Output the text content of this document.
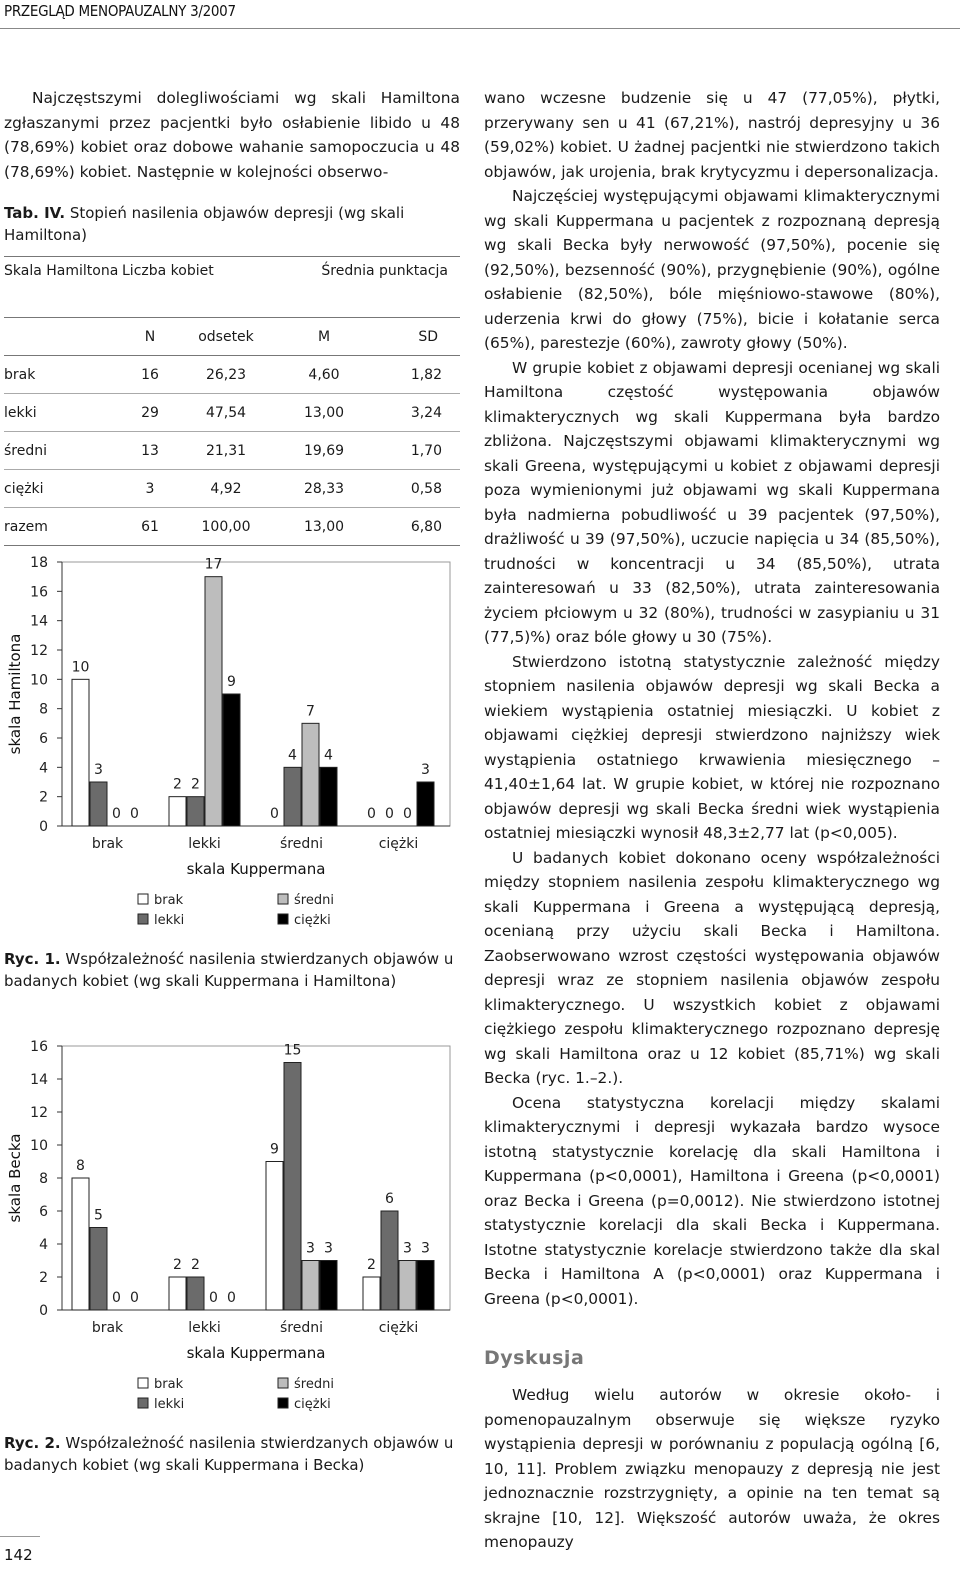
PRZEGLĄD MENOPAUZALNY 3/2007

Najczęstszymi dolegliwościami wg skali Hamiltona zgłaszanymi przez pacjentki było osłabienie libido u 48 (78,69%) kobiet oraz dobowe wahanie samopoczucia u 48 (78,69%) kobiet. Następnie w kolejności obserwo-

Tab. IV. Stopień nasilenia objawów depresji (wg skali Hamiltona)

Skala Hamiltona	Liczba kobiet		Średnia punktacja	
	N	odsetek	M	SD
brak	16	26,23	4,60	1,82
lekki	29	47,54	13,00	3,24
średni	13	21,31	19,69	1,70
ciężki	3	4,92	28,33	0,58
razem	61	100,00	13,00	6,80
0
2
4
6
8
10
12
14
16
18
skala Hamiltona	10
3
0 0
brak
2 2
17
9
lekki
0
4
7
4
średni
0 0 0
3
ciężki
skala Kuppermana
brak
lekki
średni
ciężki

Ryc. 1. Współzależność nasilenia stwierdzanych objawów u badanych kobiet (wg skali Kuppermana i Hamiltona)

0
2
4
6
8
10
12
14
16
skala Becka	8
5
0 0
brak
2 2
0 0
lekki
9
15
3 3
średni
2
6
3 3
ciężki
skala Kuppermana
brak
lekki
średni
ciężki

Ryc. 2. Współzależność nasilenia stwierdzanych objawów u badanych kobiet (wg skali Kuppermana i Becka)

wano wczesne budzenie się u 47 (77,05%), płytki, przerywany sen u 41 (67,21%), nastrój depresyjny u 36 (59,02%) kobiet. U żadnej pacjentki nie stwierdzono takich objawów, jak urojenia, brak krytycyzmu i depersonalizacja.

Najczęściej występującymi objawami klimakterycznymi wg skali Kuppermana u pacjentek z rozpoznaną depresją wg skali Becka były nerwowość (97,50%), pocenie się (92,50%), bezsenność (90%), przygnębienie (90%), ogólne osłabienie (82,50%), bóle mięśniowo-stawowe (80%), uderzenia krwi do głowy (75%), bicie i kołatanie serca (65%), parestezje (60%), zawroty głowy (50%).

W grupie kobiet z objawami depresji ocenianej wg skali Hamiltona częstość występowania objawów klimakterycznych wg skali Kuppermana była bardzo zbliżona. Najczęstszymi objawami klimakterycznymi wg skali Greena, występującymi u kobiet z objawami depresji poza wymienionymi już objawami wg skali Kuppermana była nadmierna pobudliwość u 39 pacjentek (97,50%), drażliwość u 39 (97,50%), uczucie napięcia u 34 (85,50%), trudności w koncentracji u 34 (85,50%), utrata zainteresowań u 33 (82,50%), utrata zainteresowania życiem płciowym u 32 (80%), trudności w zasypianiu u 31 (77,5)%) oraz bóle głowy u 30 (75%).

Stwierdzono istotną statystycznie zależność między stopniem nasilenia objawów depresji wg skali Becka a wiekiem wystąpienia ostatniej miesiączki. U kobiet z objawami ciężkiej depresji stwierdzono najniższy wiek wystąpienia ostatniego krwawienia miesięcznego – 41,40±1,64 lat. W grupie kobiet, w której nie rozpoznano objawów depresji wg skali Becka średni wiek wystąpienia ostatniej miesiączki wynosił 48,3±2,77 lat (p<0,005).

U badanych kobiet dokonano oceny współzależności między stopniem nasilenia zespołu klimakterycznego wg skali Kuppermana i Greena a występującą depresją, ocenianą przy użyciu skali Becka i Hamiltona. Zaobserwowano wzrost częstości występowania objawów depresji wraz ze stopniem nasilenia objawów zespołu klimakterycznego. U wszystkich kobiet z objawami ciężkiego zespołu klimakterycznego rozpoznano depresję wg skali Hamiltona oraz u 12 kobiet (85,71%) wg skali Becka (ryc. 1.–2.).

Ocena statystyczna korelacji między skalami klimakterycznymi i depresji wykazała bardzo wysoce istotną statystycznie korelację dla skali Hamiltona i Kuppermana (p<0,0001), Hamiltona i Greena (p<0,0001) oraz Becka i Greena (p=0,0012). Nie stwierdzono istotnej statystycznie korelacji dla skali Becka i Kuppermana. Istotne statystycznie korelacje stwierdzono także dla skal Becka i Hamiltona A (p<0,0001) oraz Kuppermana i Greena (p<0,0001).

Dyskusja

Według wielu autorów w okresie około- i pomenopauzalnym obserwuje się większe ryzyko wystąpienia depresji w porównaniu z populacją ogólną [6, 10, 11]. Problem związku menopauzy z depresją nie jest jednoznacznie rozstrzygnięty, a opinie na ten temat są skrajne [10, 12]. Większość autorów uważa, że okres menopauzy

142
